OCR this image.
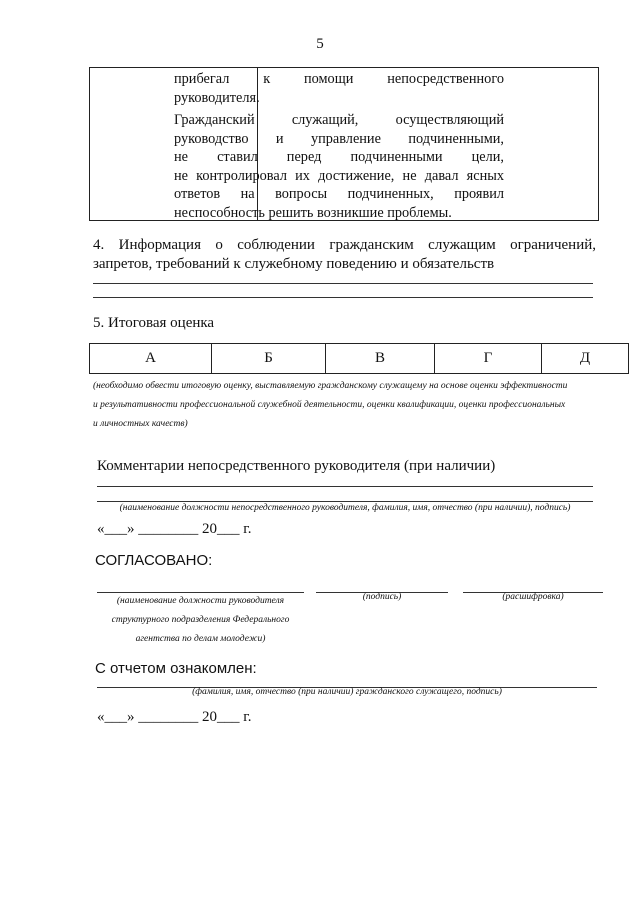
5
прибегал к помощи непосредственного
руководителя.
Гражданский служащий, осуществляющий
руководство и управление подчиненными,
не ставил перед подчиненными цели,
не контролировал их достижение, не давал ясных
ответов на вопросы подчиненных, проявил
неспособность решить возникшие проблемы.
4. Информация о соблюдении гражданским служащим ограничений,
запретов, требований к служебному поведению и обязательств
5. Итоговая оценка
А	Б	В	Г	Д
(необходимо обвести итоговую оценку, выставляемую гражданскому служащему на основе оценки эффективности
и результативности профессиональной служебной деятельности, оценки квалификации, оценки профессиональных
и личностных качеств)
Комментарии непосредственного руководителя (при наличии)
(наименование должности непосредственного руководителя, фамилия, имя, отчество (при наличии), подпись)
«___» ________ 20___ г.
СОГЛАСОВАНО:
(наименование должности руководителя
структурного подразделения Федерального
агентства по делам молодежи)
(подпись)	(расшифровка)
С отчетом ознакомлен:
(фамилия, имя, отчество (при наличии) гражданского служащего, подпись)
«___» ________ 20___ г.
